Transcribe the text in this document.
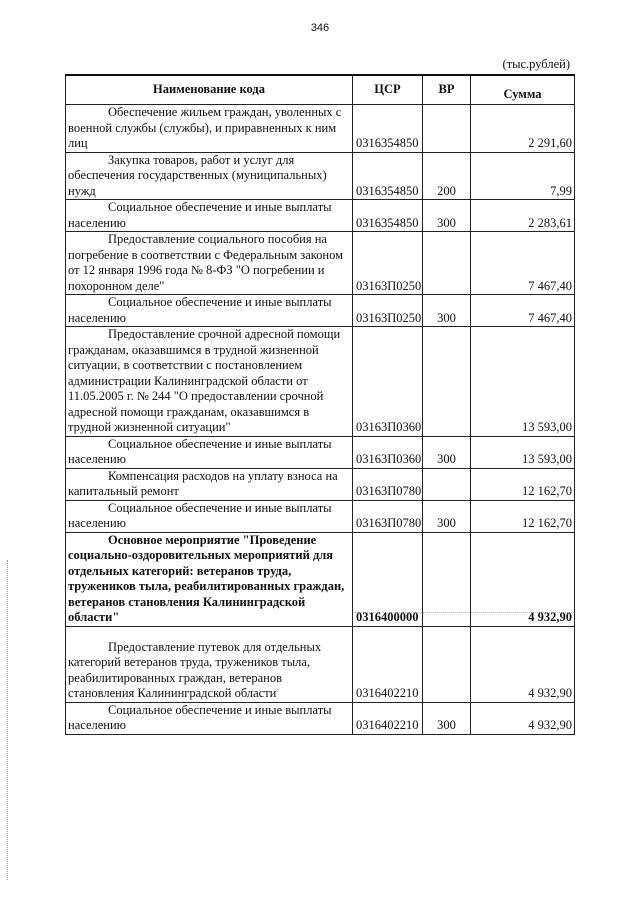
346
(тыс.рублей)
Наименование кода	ЦСР	ВР	Сумма

Обеспечение жильем граждан, уволенных с военной службы (службы), и приравненных к ним лиц	0316354850		2 291,60

Закупка товаров, работ и услуг для обеспечения государственных (муниципальных) нужд	0316354850	200	7,99

Социальное обеспечение и иные выплаты населению	0316354850	300	2 283,61

Предоставление социального пособия на погребение в соответствии с Федеральным законом от 12 января 1996 года № 8-ФЗ "О погребении и похоронном деле"	03163П0250		7 467,40

Социальное обеспечение и иные выплаты населению	03163П0250	300	7 467,40

Предоставление срочной адресной помощи гражданам, оказавшимся в трудной жизненной ситуации, в соответствии с постановлением администрации Калининградской области от 11.05.2005 г. № 244 "О предоставлении срочной адресной помощи гражданам, оказавшимся в трудной жизненной ситуации"	03163П0360		13 593,00

Социальное обеспечение и иные выплаты населению	03163П0360	300	13 593,00

Компенсация расходов на уплату взноса на капитальный ремонт	03163П0780		12 162,70

Социальное обеспечение и иные выплаты населению	03163П0780	300	12 162,70

Основное мероприятие "Проведение социально-оздоровительных мероприятий для отдельных категорий: ветеранов труда, тружеников тыла, реабилитированных граждан, ветеранов становления Калининградской области"	0316400000		4 932,90

Предоставление путевок для отдельных категорий ветеранов труда, тружеников тыла, реабилитированных граждан, ветеранов становления Калининградской области	0316402210		4 932,90

Социальное обеспечение и иные выплаты населению	0316402210	300	4 932,90
